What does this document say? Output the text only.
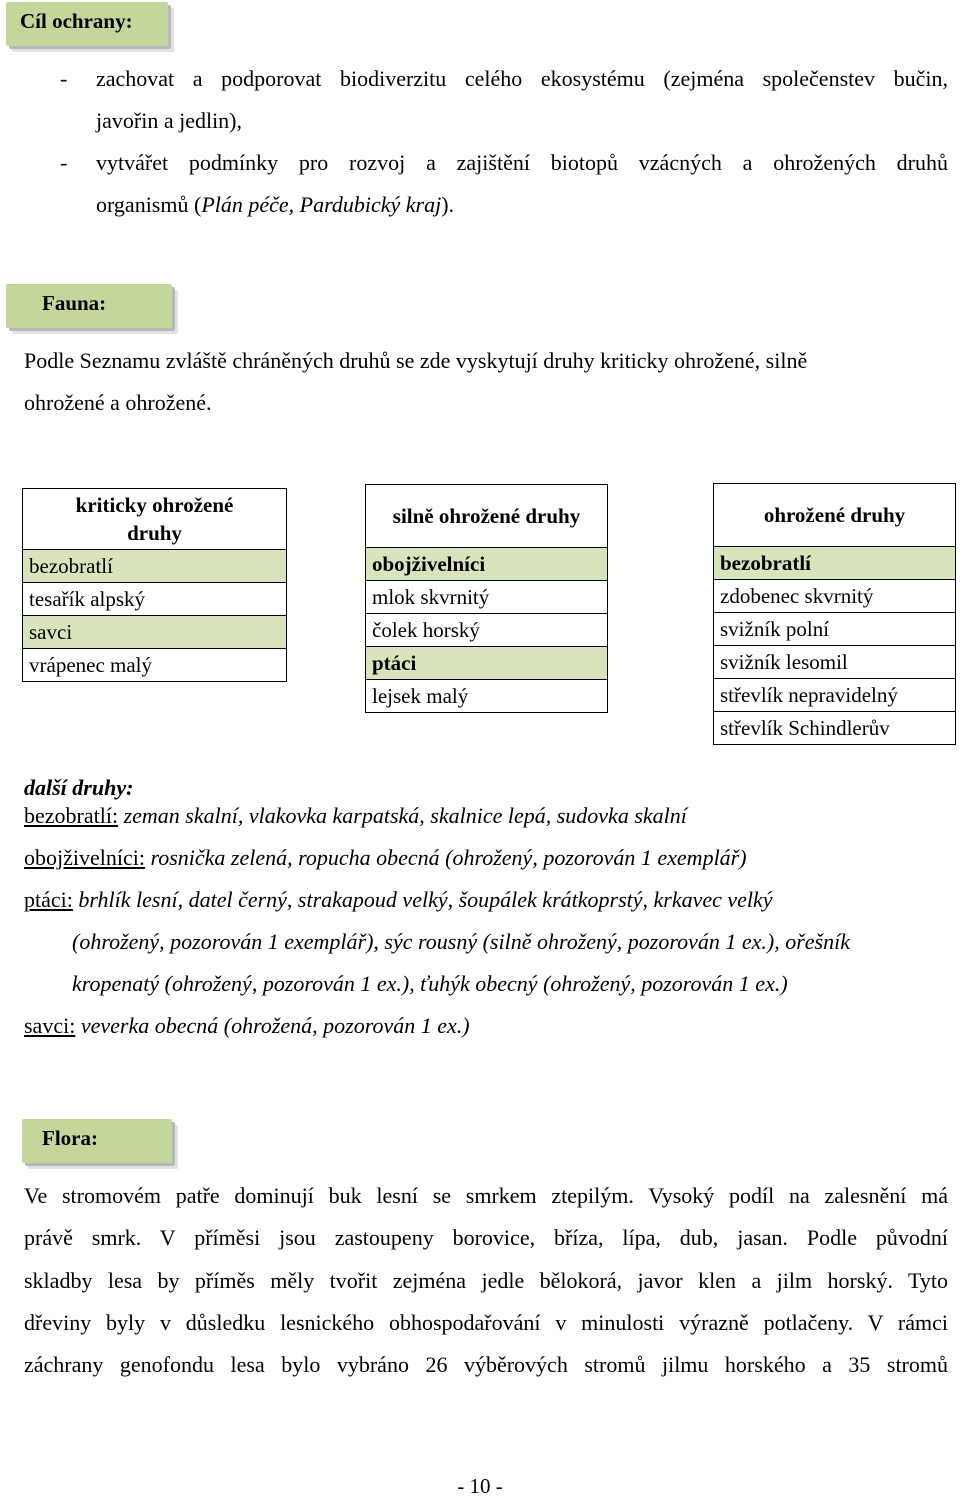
Cíl ochrany:
- zachovat a podporovat biodiverzitu celého ekosystému (zejména společenstev bučin,
javořin a jedlin),
- vytvářet podmínky pro rozvoj a zajištění biotopů vzácných a ohrožených druhů
organismů (Plán péče, Pardubický kraj).
Fauna:
Podle Seznamu zvláště chráněných druhů se zde vyskytují druhy kriticky ohrožené, silně
ohrožené a ohrožené.
kriticky ohrožené
druhy
bezobratlí
tesařík alpský
savci
vrápenec malý
silně ohrožené druhy
obojživelníci
mlok skvrnitý
čolek horský
ptáci
lejsek malý
ohrožené druhy
bezobratlí
zdobenec skvrnitý
svižník polní
svižník lesomil
střevlík nepravidelný
střevlík Schindlerův
další druhy:
bezobratlí: zeman skalní, vlakovka karpatská, skalnice lepá, sudovka skalní
obojživelníci: rosnička zelená, ropucha obecná (ohrožený, pozorován 1 exemplář)
ptáci: brhlík lesní, datel černý, strakapoud velký, šoupálek krátkoprstý, krkavec velký
(ohrožený, pozorován 1 exemplář), sýc rousný (silně ohrožený, pozorován 1 ex.), ořešník
kropenatý (ohrožený, pozorován 1 ex.), ťuhýk obecný (ohrožený, pozorován 1 ex.)
savci: veverka obecná (ohrožená, pozorován 1 ex.)
Flora:
Ve stromovém patře dominují buk lesní se smrkem ztepilým. Vysoký podíl na zalesnění má
právě smrk. V příměsi jsou zastoupeny borovice, bříza, lípa, dub, jasan. Podle původní
skladby lesa by příměs měly tvořit zejména jedle bělokorá, javor klen a jilm horský. Tyto
dřeviny byly v důsledku lesnického obhospodařování v minulosti výrazně potlačeny. V rámci
záchrany genofondu lesa bylo vybráno 26 výběrových stromů jilmu horského a 35 stromů
- 10 -
